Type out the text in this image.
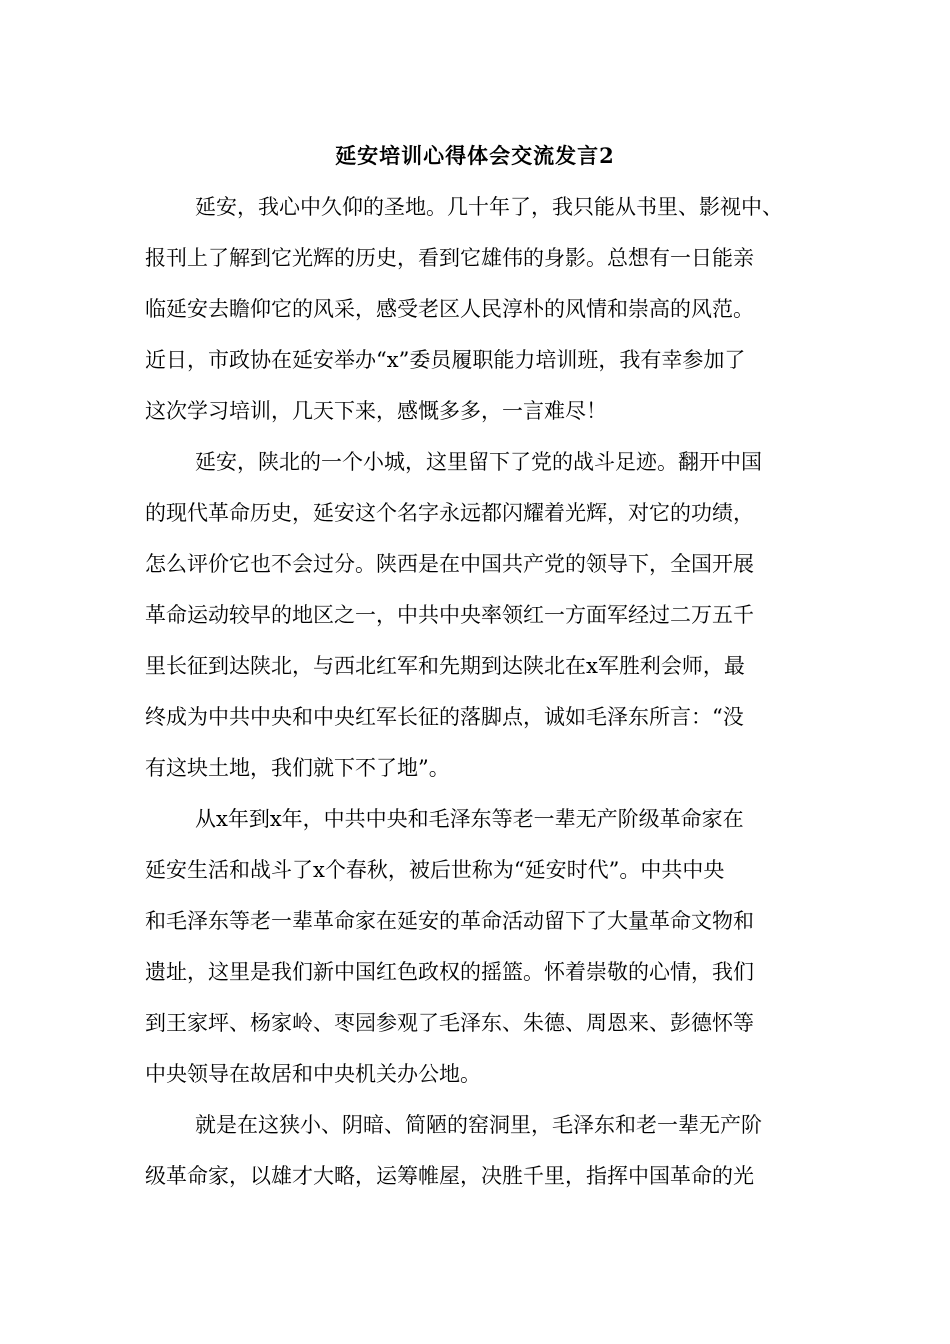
延安培训心得体会交流发言2
延安，我心中久仰的圣地。几十年了，我只能从书里、影视中、
报刊上了解到它光辉的历史，看到它雄伟的身影。总想有一日能亲
临延安去瞻仰它的风采，感受老区人民淳朴的风情和崇高的风范。
近日，市政协在延安举办“x”委员履职能力培训班，我有幸参加了
这次学习培训，几天下来，感慨多多，一言难尽！
延安，陕北的一个小城，这里留下了党的战斗足迹。翻开中国
的现代革命历史，延安这个名字永远都闪耀着光辉，对它的功绩，
怎么评价它也不会过分。陕西是在中国共产党的领导下，全国开展
革命运动较早的地区之一，中共中央率领红一方面军经过二万五千
里长征到达陕北，与西北红军和先期到达陕北在x军胜利会师，最
终成为中共中央和中央红军长征的落脚点，诚如毛泽东所言：“没
有这块土地，我们就下不了地”。
从x年到x年，中共中央和毛泽东等老一辈无产阶级革命家在
延安生活和战斗了x个春秋，被后世称为“延安时代”。中共中央
和毛泽东等老一辈革命家在延安的革命活动留下了大量革命文物和
遗址，这里是我们新中国红色政权的摇篮。怀着崇敬的心情，我们
到王家坪、杨家岭、枣园参观了毛泽东、朱德、周恩来、彭德怀等
中央领导在故居和中央机关办公地。
就是在这狭小、阴暗、简陋的窑洞里，毛泽东和老一辈无产阶
级革命家，以雄才大略，运筹帷屋，决胜千里，指挥中国革命的光
